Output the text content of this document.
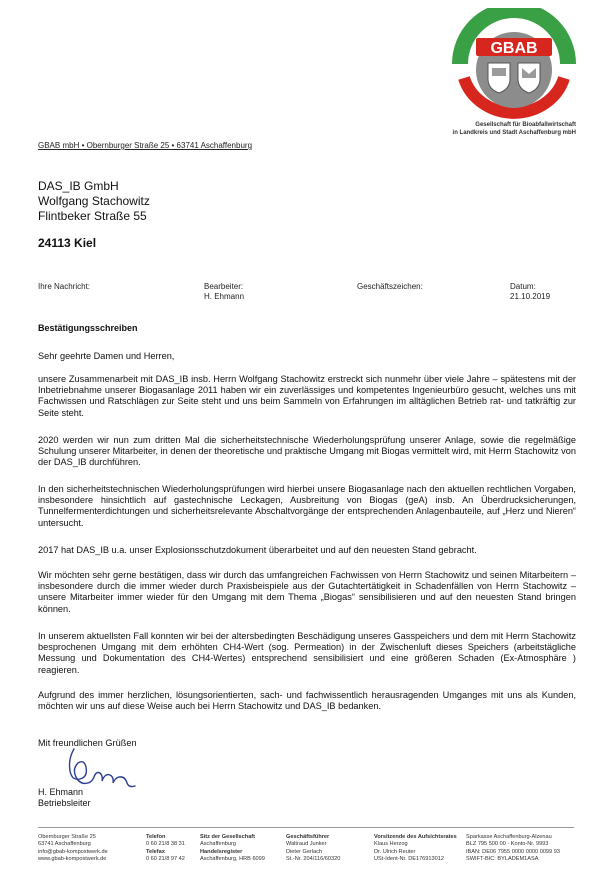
GBAB
Gesellschaft für Bioabfallwirtschaft
in Landkreis und Stadt Aschaffenburg mbH
GBAB mbH • Obernburger Straße 25 • 63741 Aschaffenburg
DAS_IB GmbH
Wolfgang Stachowitz
Flintbeker Straße 55
24113 Kiel
Ihre Nachricht:	Bearbeiter:
H. Ehmann
Geschäftszeichen:	Datum:
21.10.2019
Bestätigungsschreiben
Sehr geehrte Damen und Herren,

unsere Zusammenarbeit mit DAS_IB insb. Herrn Wolfgang Stachowitz erstreckt sich nunmehr über viele Jahre – spätestens mit der Inbetriebnahme unserer Biogasanlage 2011 haben wir ein zuverlässiges und kompetentes Ingenieurbüro gesucht, welches uns mit Fachwissen und Ratschlägen zur Seite steht und uns beim Sammeln von Erfahrungen im alltäglichen Betrieb rat- und tatkräftig zur Seite steht.

2020 werden wir nun zum dritten Mal die sicherheitstechnische Wiederholungsprüfung unserer Anlage, sowie die regelmäßige Schulung unserer Mitarbeiter, in denen der theoretische und praktische Umgang mit Biogas vermittelt wird, mit Herrn Stachowitz von der DAS_IB durchführen.

In den sicherheitstechnischen Wiederholungsprüfungen wird hierbei unsere Biogasanlage nach den aktuellen rechtlichen Vorgaben, insbesondere hinsichtlich auf gastechnische Leckagen, Ausbreitung von Biogas (geA) insb. An Überdrucksicherungen, Tunnelfermenterdichtungen und sicherheitsrelevante Abschaltvorgänge der entsprechenden Anlagenbauteile, auf „Herz und Nieren“ untersucht.

2017 hat DAS_IB u.a. unser Explosionsschutzdokument überarbeitet und auf den neuesten Stand gebracht.

Wir möchten sehr gerne bestätigen, dass wir durch das umfangreichen Fachwissen von Herrn Stachowitz und seinen Mitarbeitern – insbesondere durch die immer wieder durch Praxisbeispiele aus der Gutachtertätigkeit in Schadenfällen von Herrn Stachowitz – unsere Mitarbeiter immer wieder für den Umgang mit dem Thema „Biogas“ sensibilisieren und auf den neuesten Stand bringen können.

In unserem aktuellsten Fall konnten wir bei der altersbedingten Beschädigung unseres Gasspeichers und dem mit Herrn Stachowitz besprochenen Umgang mit dem erhöhten CH4-Wert (sog. Permeation) in der Zwischenluft dieses Speichers (arbeitstägliche Messung und Dokumentation des CH4-Wertes) entsprechend sensibilisiert und eine größeren Schaden (Ex-Atmosphäre ) reagieren.

Aufgrund des immer herzlichen, lösungsorientierten, sach- und fachwissentlich herausragenden Umganges mit uns als Kunden, möchten wir uns auf diese Weise auch bei Herrn Stachowitz und DAS_IB bedanken.

Mit freundlichen Grüßen
H. Ehmann
Betriebsleiter
Obernburger Straße 25
63741 Aschaffenburg
info@gbab-kompostwerk.de
www.gbab-kompostwerk.de
Telefon
0 60 21/8 38 31
Telefax
0 60 21/8 97 42
Sitz der Gesellschaft
Aschaffenburg
Handelsregister
Aschaffenburg, HRB 6099
Geschäftsführer
Waltraud Junker
Dieter Gerlach
St.-Nr. 204/116/60320
Vorsitzende des Aufsichtsrates
Klaus Herzog
Dr. Ulrich Reuter
USt-Ident-Nr. DE176913012
Sparkasse Aschaffenburg-Alzenau
BLZ 795 500 00 · Konto-Nr. 9993
IBAN: DE06 7955 0000 0000 0099 93
SWIFT-BIC: BYLADEM1ASA
